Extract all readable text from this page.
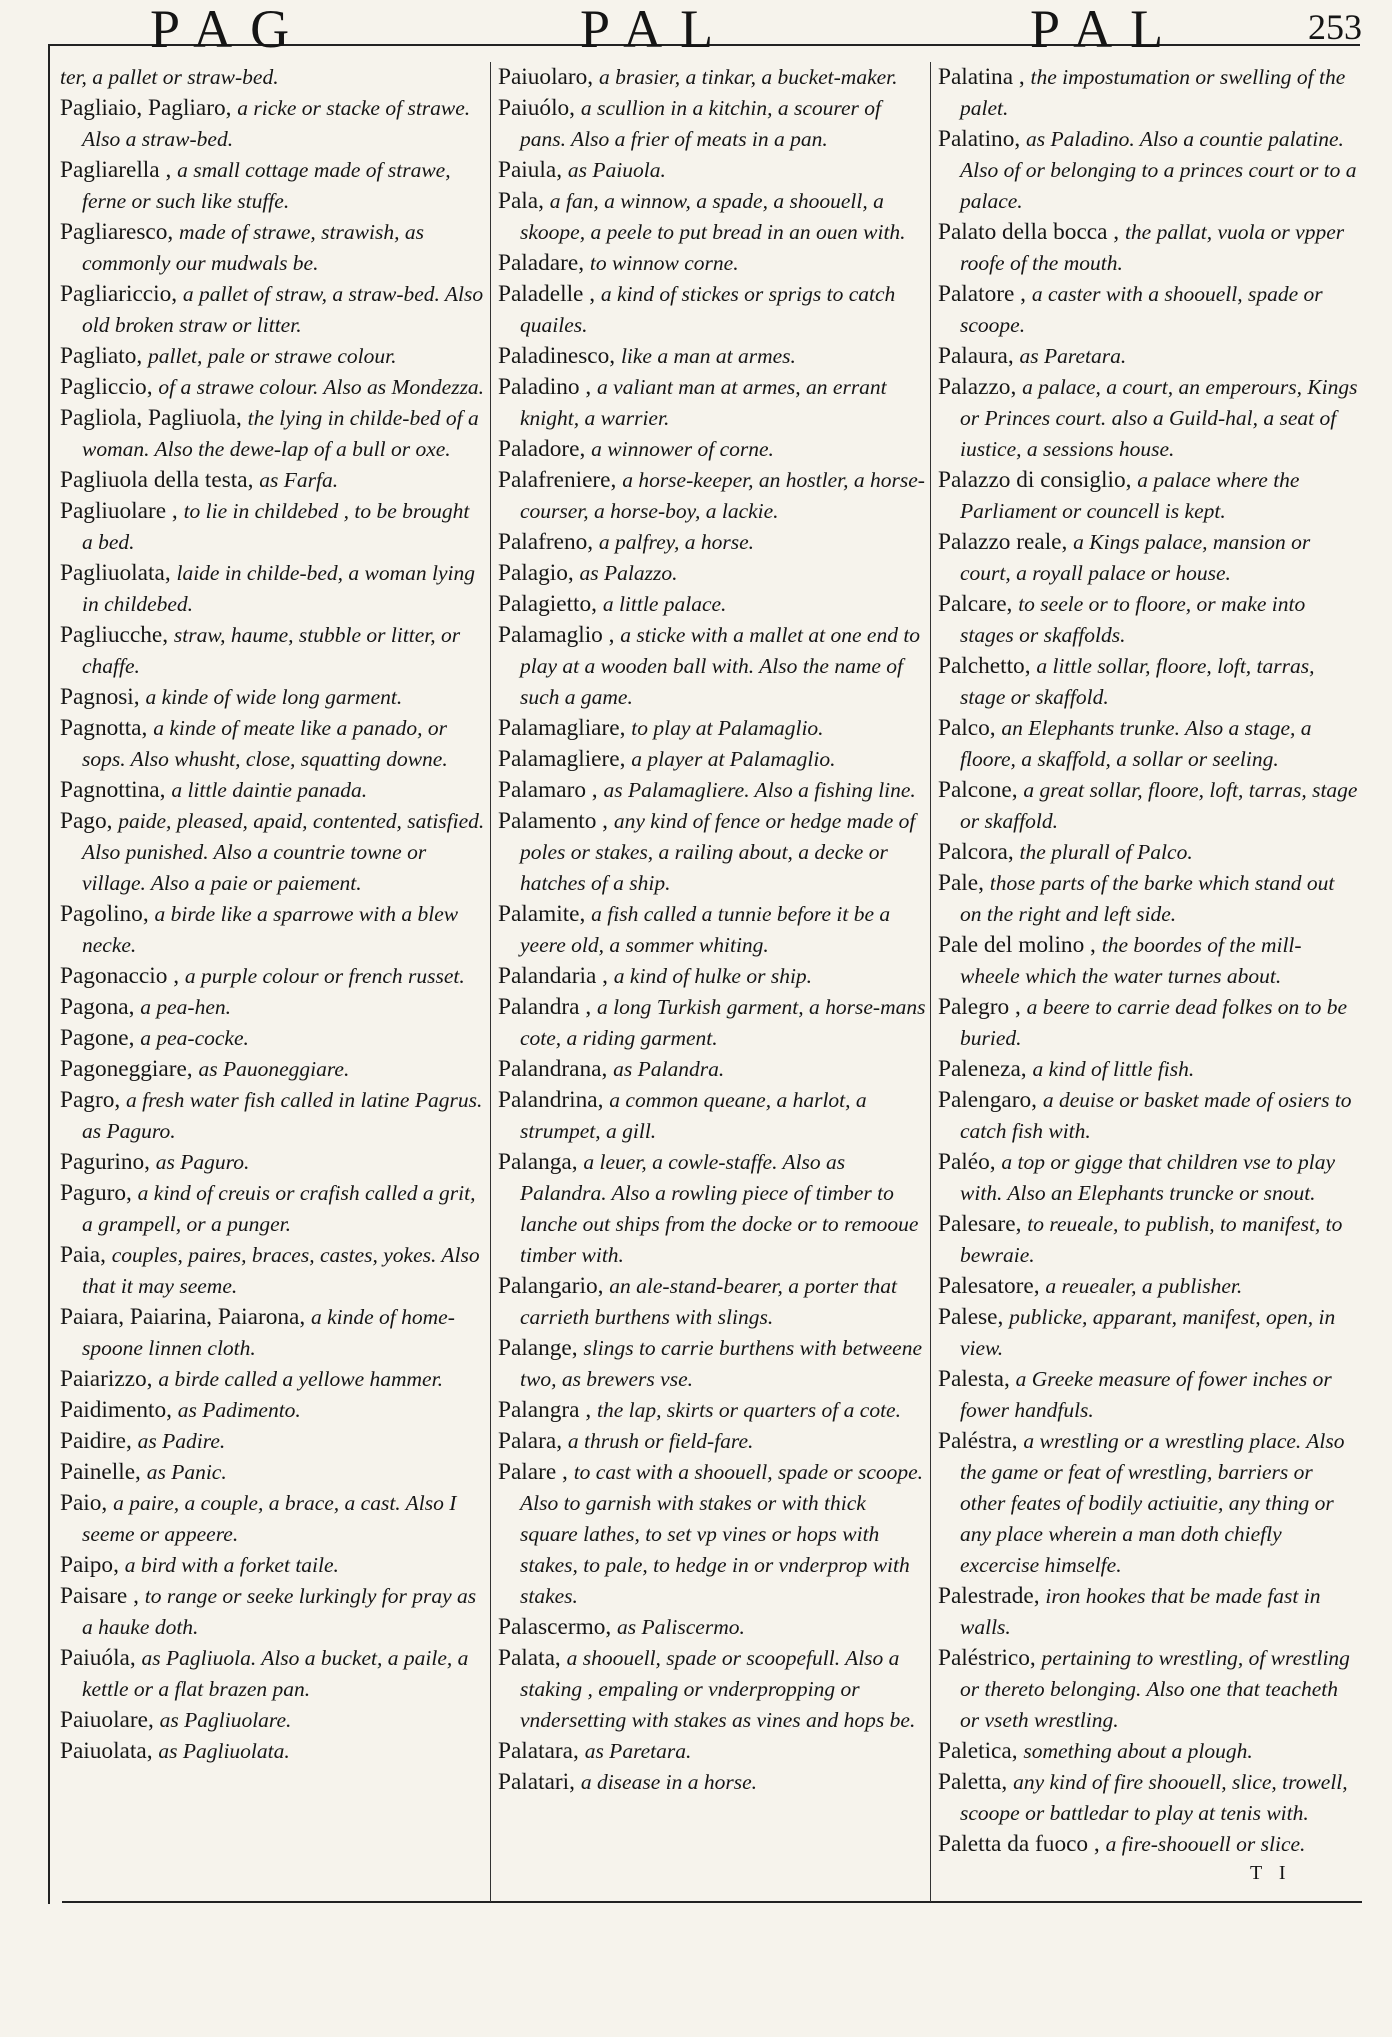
PAG	PAL	PAL	253

ter, a pallet or straw-bed.

Pagliaio, Pagliaro, a ricke or stacke of strawe. Also a straw-bed.

Pagliarella , a small cottage made of strawe, ferne or such like stuffe.

Pagliaresco, made of strawe, strawish, as commonly our mudwals be.

Pagliariccio, a pallet of straw, a straw-bed. Also old broken straw or litter.

Pagliato, pallet, pale or strawe colour.

Pagliccio, of a strawe colour. Also as Mondezza.

Pagliola, Pagliuola, the lying in childe-bed of a woman. Also the dewe-lap of a bull or oxe.

Pagliuola della testa, as Farfa.

Pagliuolare , to lie in childebed , to be brought a bed.

Pagliuolata, laide in childe-bed, a woman lying in childebed.

Pagliucche, straw, haume, stubble or litter, or chaffe.

Pagnosi, a kinde of wide long garment.

Pagnotta, a kinde of meate like a panado, or sops. Also whusht, close, squatting downe.

Pagnottina, a little daintie panada.

Pago, paide, pleased, apaid, contented, satisfied. Also punished. Also a countrie towne or village. Also a paie or paiement.

Pagolino, a birde like a sparrowe with a blew necke.

Pagonaccio , a purple colour or french russet.

Pagona, a pea-hen.

Pagone, a pea-cocke.

Pagoneggiare, as Pauoneggiare.

Pagro, a fresh water fish called in latine Pagrus. as Paguro.

Pagurino, as Paguro.

Paguro, a kind of creuis or crafish called a grit, a grampell, or a punger.

Paia, couples, paires, braces, castes, yokes. Also that it may seeme.

Paiara, Paiarina, Paiarona, a kinde of home-spoone linnen cloth.

Paiarizzo, a birde called a yellowe hammer.

Paidimento, as Padimento.

Paidire, as Padire.

Painelle, as Panic.

Paio, a paire, a couple, a brace, a cast. Also I seeme or appeere.

Paipo, a bird with a forket taile.

Paisare , to range or seeke lurkingly for pray as a hauke doth.

Paiuóla, as Pagliuola. Also a bucket, a paile, a kettle or a flat brazen pan.

Paiuolare, as Pagliuolare.

Paiuolata, as Pagliuolata.

Paiuolaro, a brasier, a tinkar, a bucket-maker.

Paiuólo, a scullion in a kitchin, a scourer of pans. Also a frier of meats in a pan.

Paiula, as Paiuola.

Pala, a fan, a winnow, a spade, a shoouell, a skoope, a peele to put bread in an ouen with.

Paladare, to winnow corne.

Paladelle , a kind of stickes or sprigs to catch quailes.

Paladinesco, like a man at armes.

Paladino , a valiant man at armes, an errant knight, a warrier.

Paladore, a winnower of corne.

Palafreniere, a horse-keeper, an hostler, a horse-courser, a horse-boy, a lackie.

Palafreno, a palfrey, a horse.

Palagio, as Palazzo.

Palagietto, a little palace.

Palamaglio , a sticke with a mallet at one end to play at a wooden ball with. Also the name of such a game.

Palamagliare, to play at Palamaglio.

Palamagliere, a player at Palamaglio.

Palamaro , as Palamagliere. Also a fishing line.

Palamento , any kind of fence or hedge made of poles or stakes, a railing about, a decke or hatches of a ship.

Palamite, a fish called a tunnie before it be a yeere old, a sommer whiting.

Palandaria , a kind of hulke or ship.

Palandra , a long Turkish garment, a horse-mans cote, a riding garment.

Palandrana, as Palandra.

Palandrina, a common queane, a harlot, a strumpet, a gill.

Palanga, a leuer, a cowle-staffe. Also as Palandra. Also a rowling piece of timber to lanche out ships from the docke or to remooue timber with.

Palangario, an ale-stand-bearer, a porter that carrieth burthens with slings.

Palange, slings to carrie burthens with betweene two, as brewers vse.

Palangra , the lap, skirts or quarters of a cote.

Palara, a thrush or field-fare.

Palare , to cast with a shoouell, spade or scoope. Also to garnish with stakes or with thick square lathes, to set vp vines or hops with stakes, to pale, to hedge in or vnderprop with stakes.

Palascermo, as Paliscermo.

Palata, a shoouell, spade or scoopefull. Also a staking , empaling or vnderpropping or vndersetting with stakes as vines and hops be.

Palatara, as Paretara.

Palatari, a disease in a horse.

Palatina , the impostumation or swelling of the palet.

Palatino, as Paladino. Also a countie palatine. Also of or belonging to a princes court or to a palace.

Palato della bocca , the pallat, vuola or vpper roofe of the mouth.

Palatore , a caster with a shoouell, spade or scoope.

Palaura, as Paretara.

Palazzo, a palace, a court, an emperours, Kings or Princes court. also a Guild-hal, a seat of iustice, a sessions house.

Palazzo di consiglio, a palace where the Parliament or councell is kept.

Palazzo reale, a Kings palace, mansion or court, a royall palace or house.

Palcare, to seele or to floore, or make into stages or skaffolds.

Palchetto, a little sollar, floore, loft, tarras, stage or skaffold.

Palco, an Elephants trunke. Also a stage, a floore, a skaffold, a sollar or seeling.

Palcone, a great sollar, floore, loft, tarras, stage or skaffold.

Palcora, the plurall of Palco.

Pale, those parts of the barke which stand out on the right and left side.

Pale del molino , the boordes of the mill-wheele which the water turnes about.

Palegro , a beere to carrie dead folkes on to be buried.

Paleneza, a kind of little fish.

Palengaro, a deuise or basket made of osiers to catch fish with.

Paléo, a top or gigge that children vse to play with. Also an Elephants truncke or snout.

Palesare, to reueale, to publish, to manifest, to bewraie.

Palesatore, a reuealer, a publisher.

Palese, publicke, apparant, manifest, open, in view.

Palesta, a Greeke measure of fower inches or fower handfuls.

Paléstra, a wrestling or a wrestling place. Also the game or feat of wrestling, barriers or other feates of bodily actiuitie, any thing or any place wherein a man doth chiefly excercise himselfe.

Palestrade, iron hookes that be made fast in walls.

Paléstrico, pertaining to wrestling, of wrestling or thereto belonging. Also one that teacheth or vseth wrestling.

Paletica, something about a plough.

Paletta, any kind of fire shoouell, slice, trowell, scoope or battledar to play at tenis with.

Paletta da fuoco , a fire-shoouell or slice.

T I
